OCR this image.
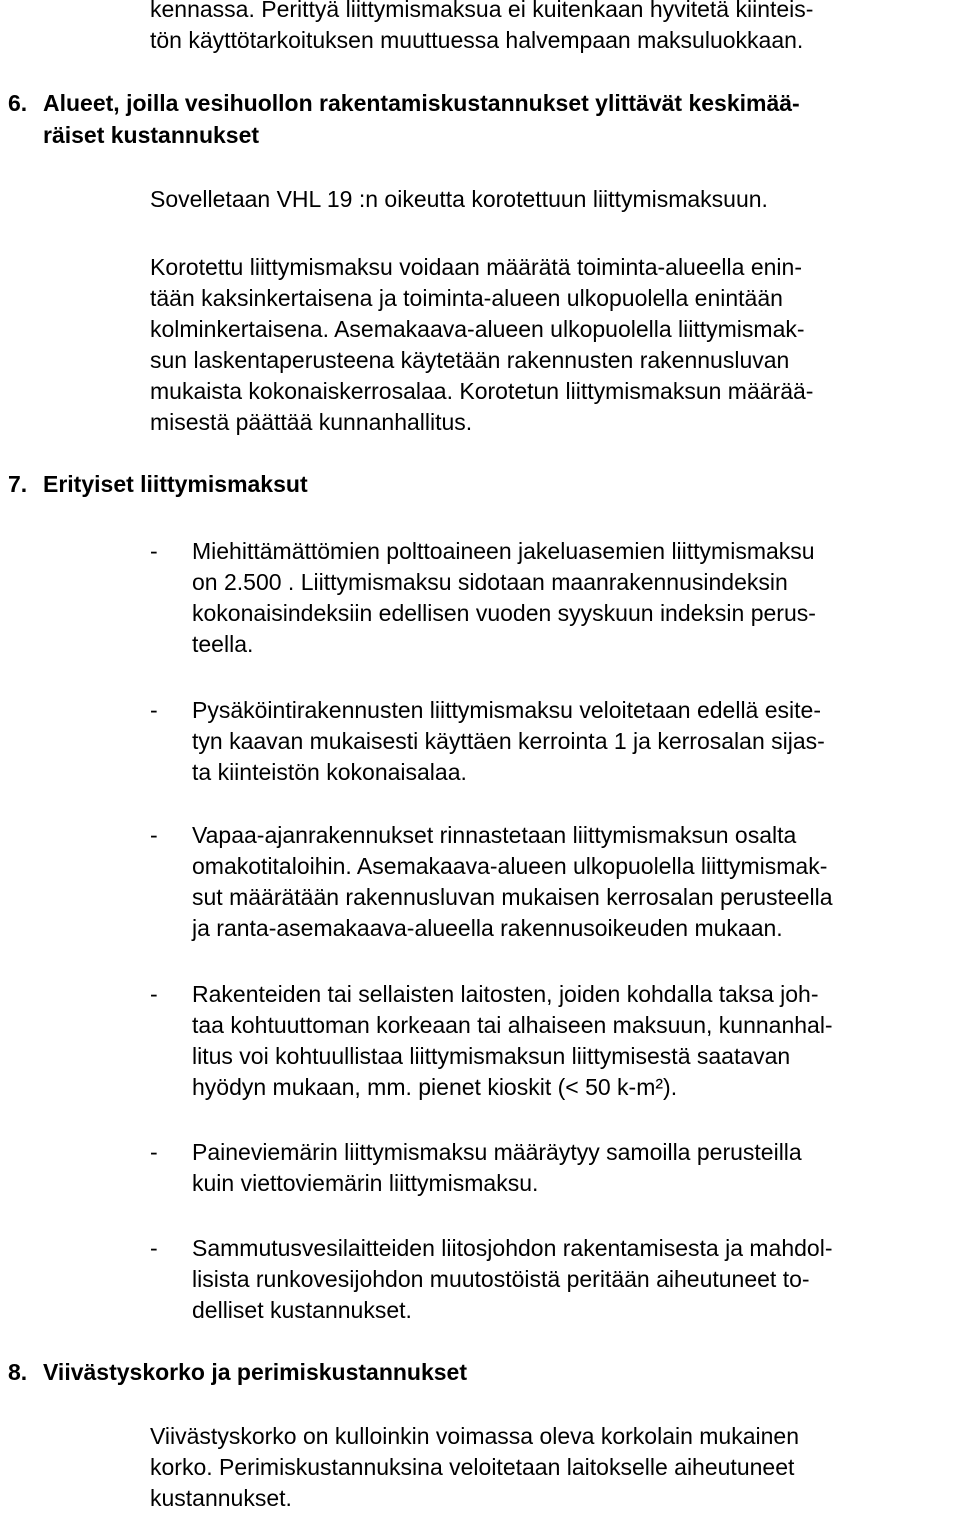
kennassa. Perittyä liittymismaksua ei kuitenkaan hyvitetä kiinteis-
tön käyttötarkoituksen muuttuessa halvempaan maksuluokkaan.
6. Alueet, joilla vesihuollon rakentamiskustannukset ylittävät keskimää-
räiset kustannukset
Sovelletaan VHL 19 :n oikeutta korotettuun liittymismaksuun.
Korotettu liittymismaksu voidaan määrätä toiminta-alueella enin-
tään kaksinkertaisena ja toiminta-alueen ulkopuolella enintään
kolminkertaisena. Asemakaava-alueen ulkopuolella liittymismak-
sun laskentaperusteena käytetään rakennusten rakennusluvan
mukaista kokonaiskerrosalaa. Korotetun liittymismaksun määrää-
misestä päättää kunnanhallitus.
7. Erityiset liittymismaksut
- Miehittämättömien polttoaineen jakeluasemien liittymismaksu
on 2.500 . Liittymismaksu sidotaan maanrakennusindeksin
kokonaisindeksiin edellisen vuoden syyskuun indeksin perus-
teella.
- Pysäköintirakennusten liittymismaksu veloitetaan edellä esite-
tyn kaavan mukaisesti käyttäen kerrointa 1 ja kerrosalan sijas-
ta kiinteistön kokonaisalaa.
- Vapaa-ajanrakennukset rinnastetaan liittymismaksun osalta
omakotitaloihin. Asemakaava-alueen ulkopuolella liittymismak-
sut määrätään rakennusluvan mukaisen kerrosalan perusteella
ja ranta-asemakaava-alueella rakennusoikeuden mukaan.
- Rakenteiden tai sellaisten laitosten, joiden kohdalla taksa joh-
taa kohtuuttoman korkeaan tai alhaiseen maksuun, kunnanhal-
litus voi kohtuullistaa liittymismaksun liittymisestä saatavan
hyödyn mukaan, mm. pienet kioskit (< 50 k-m²).
- Paineviemärin liittymismaksu määräytyy samoilla perusteilla
kuin viettoviemärin liittymismaksu.
- Sammutusvesilaitteiden liitosjohdon rakentamisesta ja mahdol-
lisista runkovesijohdon muutostöistä peritään aiheutuneet to-
delliset kustannukset.
8. Viivästyskorko ja perimiskustannukset
Viivästyskorko on kulloinkin voimassa oleva korkolain mukainen
korko. Perimiskustannuksina veloitetaan laitokselle aiheutuneet
kustannukset.
